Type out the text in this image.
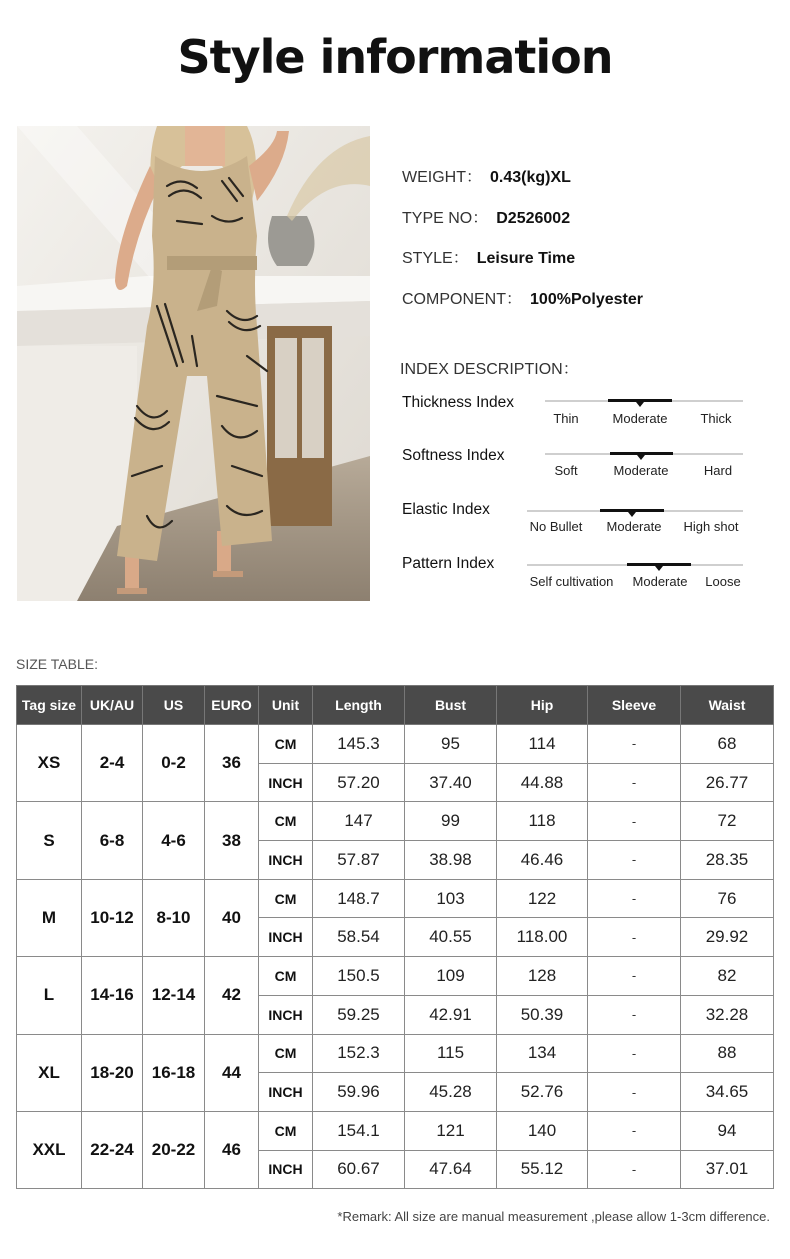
Style information
WEIGHT： 0.43(kg)XL
TYPE NO： D2526002
STYLE： Leisure Time
COMPONENT： 100%Polyester
INDEX DESCRIPTION：
Thickness Index
Thin	Moderate	Thick
Softness Index
Soft	Moderate	Hard
Elastic Index
No Bullet	Moderate	High shot
Pattern Index
Self cultivation	Moderate	Loose
SIZE TABLE:
Tag size	UK/AU	US	EURO	Unit	Length	Bust	Hip	Sleeve	Waist
XS	2-4	0-2	36	CM	145.3	95	114	-	68
				INCH	57.20	37.40	44.88	-	26.77
S	6-8	4-6	38	CM	147	99	118	-	72
				INCH	57.87	38.98	46.46	-	28.35
M	10-12	8-10	40	CM	148.7	103	122	-	76
				INCH	58.54	40.55	118.00	-	29.92
L	14-16	12-14	42	CM	150.5	109	128	-	82
				INCH	59.25	42.91	50.39	-	32.28
XL	18-20	16-18	44	CM	152.3	115	134	-	88
				INCH	59.96	45.28	52.76	-	34.65
XXL	22-24	20-22	46	CM	154.1	121	140	-	94
				INCH	60.67	47.64	55.12	-	37.01
*Remark: All size are manual measurement ,please allow 1-3cm difference.
